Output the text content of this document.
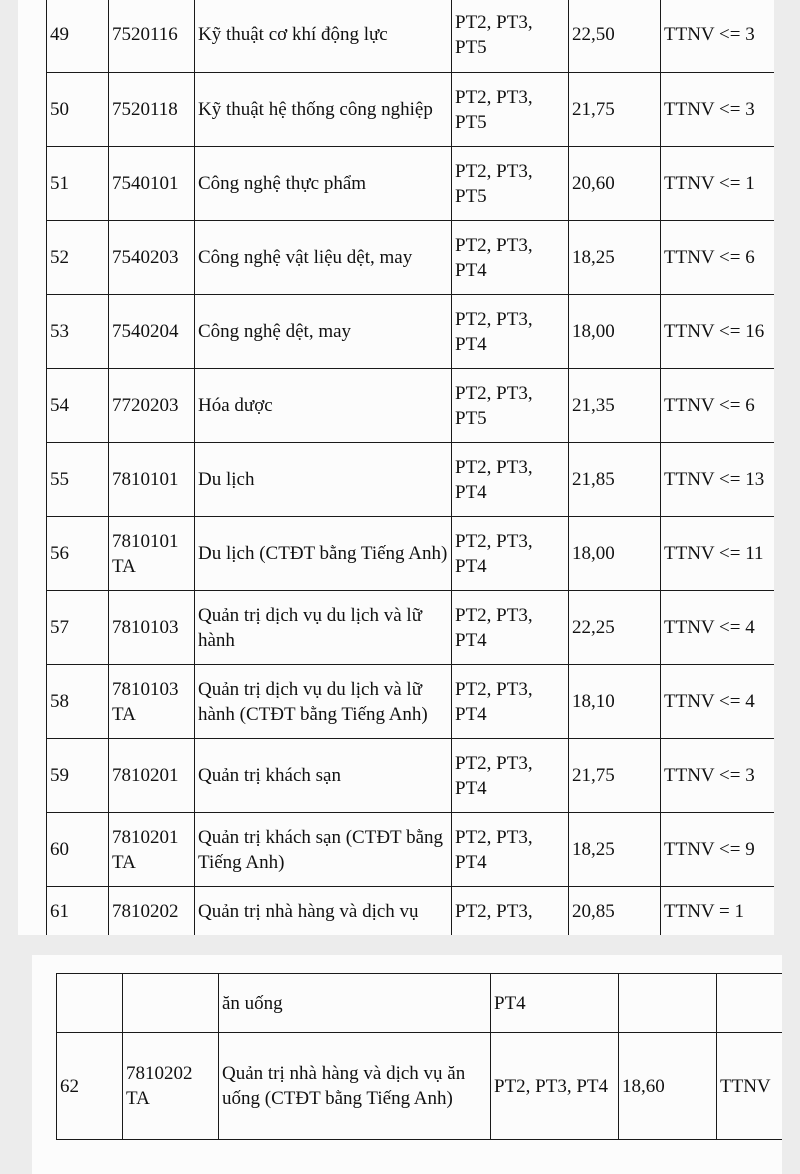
49	7520116	Kỹ thuật cơ khí động lực	PT2, PT3, PT5	22,50	TTNV <= 3
50	7520118	Kỹ thuật hệ thống công nghiệp	PT2, PT3, PT5	21,75	TTNV <= 3
51	7540101	Công nghệ thực phẩm	PT2, PT3, PT5	20,60	TTNV <= 1
52	7540203	Công nghệ vật liệu dệt, may	PT2, PT3, PT4	18,25	TTNV <= 6
53	7540204	Công nghệ dệt, may	PT2, PT3, PT4	18,00	TTNV <= 16
54	7720203	Hóa dược	PT2, PT3, PT5	21,35	TTNV <= 6
55	7810101	Du lịch	PT2, PT3, PT4	21,85	TTNV <= 13
56	7810101 TA	Du lịch (CTĐT bằng Tiếng Anh)	PT2, PT3, PT4	18,00	TTNV <= 11
57	7810103	Quản trị dịch vụ du lịch và lữ hành	PT2, PT3, PT4	22,25	TTNV <= 4
58	7810103 TA	Quản trị dịch vụ du lịch và lữ hành (CTĐT bằng Tiếng Anh)	PT2, PT3, PT4	18,10	TTNV <= 4
59	7810201	Quản trị khách sạn	PT2, PT3, PT4	21,75	TTNV <= 3
60	7810201 TA	Quản trị khách sạn (CTĐT bằng Tiếng Anh)	PT2, PT3, PT4	18,25	TTNV <= 9
61	7810202	Quản trị nhà hàng và dịch vụ	PT2, PT3,	20,85	TTNV = 1
		ăn uống	PT4		
62	7810202 TA	Quản trị nhà hàng và dịch vụ ăn uống (CTĐT bằng Tiếng Anh)	PT2, PT3, PT4	18,60	TTNV
